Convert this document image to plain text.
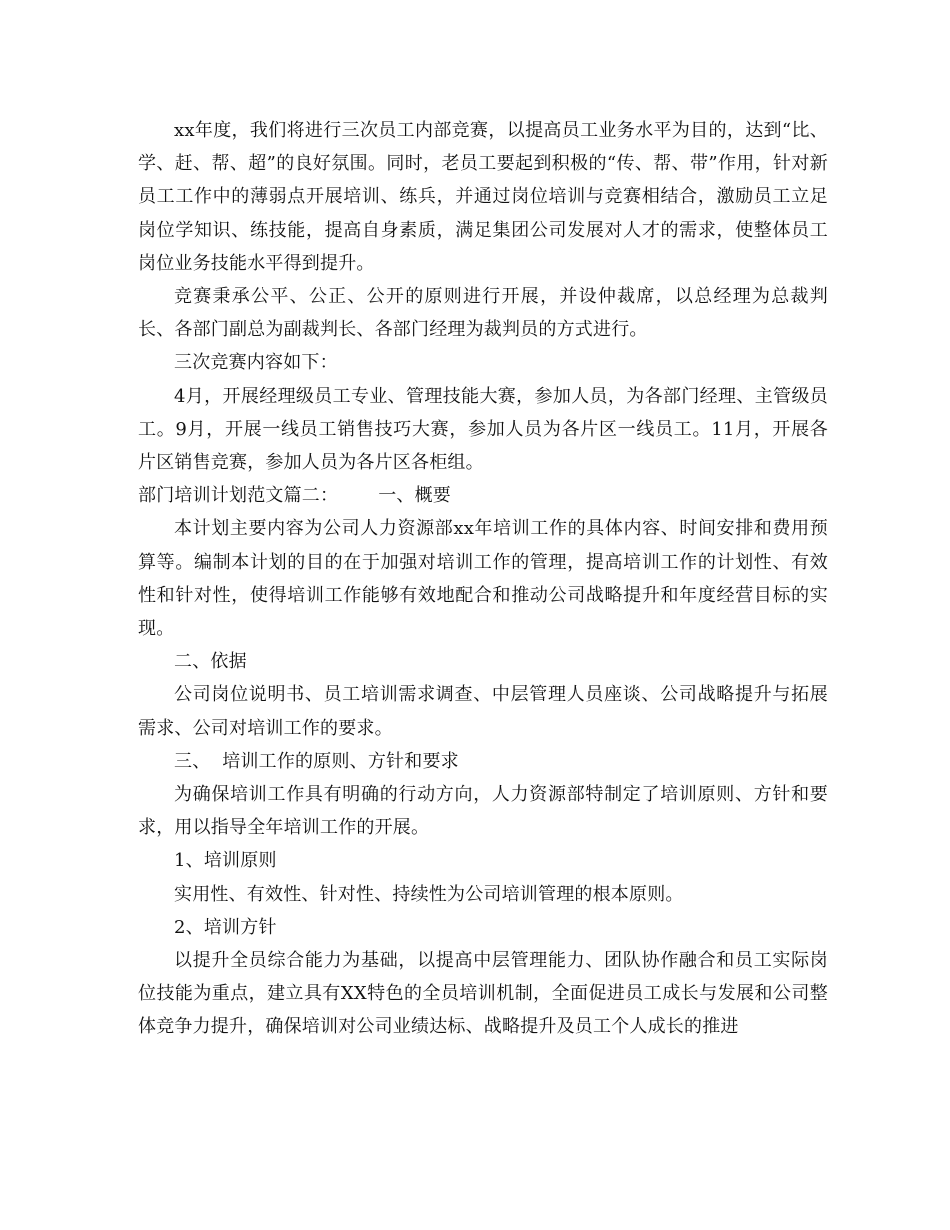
xx年度，我们将进行三次员工内部竞赛，以提高员工业务水平为目的，达到“比、学、赶、帮、超”的良好氛围。同时，老员工要起到积极的“传、帮、带”作用，针对新员工工作中的薄弱点开展培训、练兵，并通过岗位培训与竞赛相结合，激励员工立足岗位学知识、练技能，提高自身素质，满足集团公司发展对人才的需求，使整体员工岗位业务技能水平得到提升。

竞赛秉承公平、公正、公开的原则进行开展，并设仲裁席，以总经理为总裁判长、各部门副总为副裁判长、各部门经理为裁判员的方式进行。

三次竞赛内容如下：

4月，开展经理级员工专业、管理技能大赛，参加人员，为各部门经理、主管级员工。9月，开展一线员工销售技巧大赛，参加人员为各片区一线员工。11月，开展各片区销售竞赛，参加人员为各片区各柜组。

部门培训计划范文篇二： 一、概要

本计划主要内容为公司人力资源部xx年培训工作的具体内容、时间安排和费用预算等。编制本计划的目的在于加强对培训工作的管理，提高培训工作的计划性、有效性和针对性，使得培训工作能够有效地配合和推动公司战略提升和年度经营目标的实现。

二、依据

公司岗位说明书、员工培训需求调查、中层管理人员座谈、公司战略提升与拓展需求、公司对培训工作的要求。

三、  培训工作的原则、方针和要求

为确保培训工作具有明确的行动方向，人力资源部特制定了培训原则、方针和要求，用以指导全年培训工作的开展。

1、培训原则

实用性、有效性、针对性、持续性为公司培训管理的根本原则。

2、培训方针

以提升全员综合能力为基础，以提高中层管理能力、团队协作融合和员工实际岗位技能为重点，建立具有XX特色的全员培训机制，全面促进员工成长与发展和公司整体竞争力提升，确保培训对公司业绩达标、战略提升及员工个人成长的推进
